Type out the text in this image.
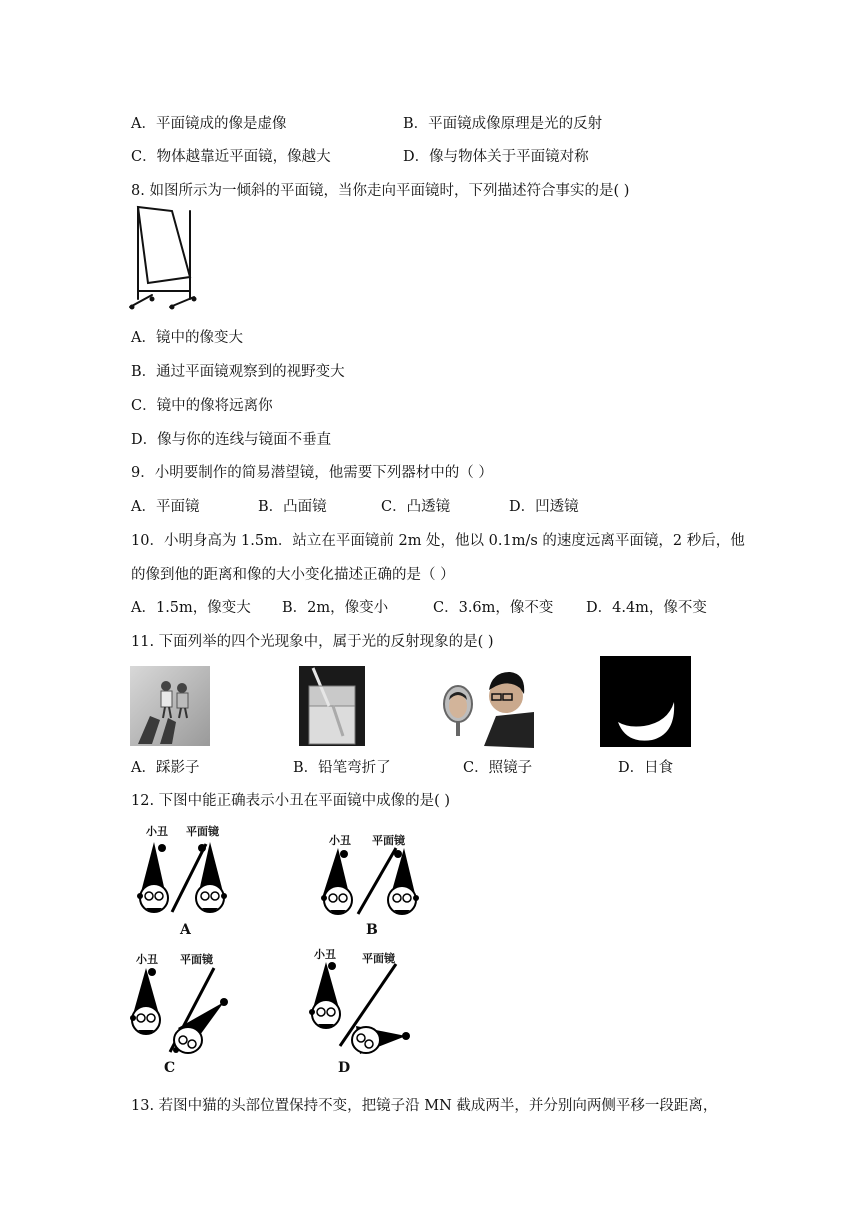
A．平面镜成的像是虚像	B．平面镜成像原理是光的反射
C．物体越靠近平面镜，像越大	D．像与物体关于平面镜对称
8. 如图所示为一倾斜的平面镜，当你走向平面镜时，下列描述符合事实的是( )
A．镜中的像变大
B．通过平面镜观察到的视野变大
C．镜中的像将远离你
D．像与你的连线与镜面不垂直
9．小明要制作的简易潜望镜，他需要下列器材中的（ ）
A．平面镜	B．凸面镜	C．凸透镜	D．凹透镜
10．小明身高为 1.5m．站立在平面镜前 2m 处，他以 0.1m/s 的速度远离平面镜，2 秒后，他
的像到他的距离和像的大小变化描述正确的是（ ）
A．1.5m，像变大 B．2m，像变小	C．3.6m，像不变 D．4.4m，像不变
11. 下面列举的四个光现象中，属于光的反射现象的是( )
A．踩影子	B．铅笔弯折了	C．照镜子	D．日食
12. 下图中能正确表示小丑在平面镜中成像的是( )
小丑 平面镜
A
小丑 平面镜
B
小丑 平面镜
C
小丑 平面镜
D
13. 若图中猫的头部位置保持不变，把镜子沿 MN 截成两半，并分别向两侧平移一段距离，
